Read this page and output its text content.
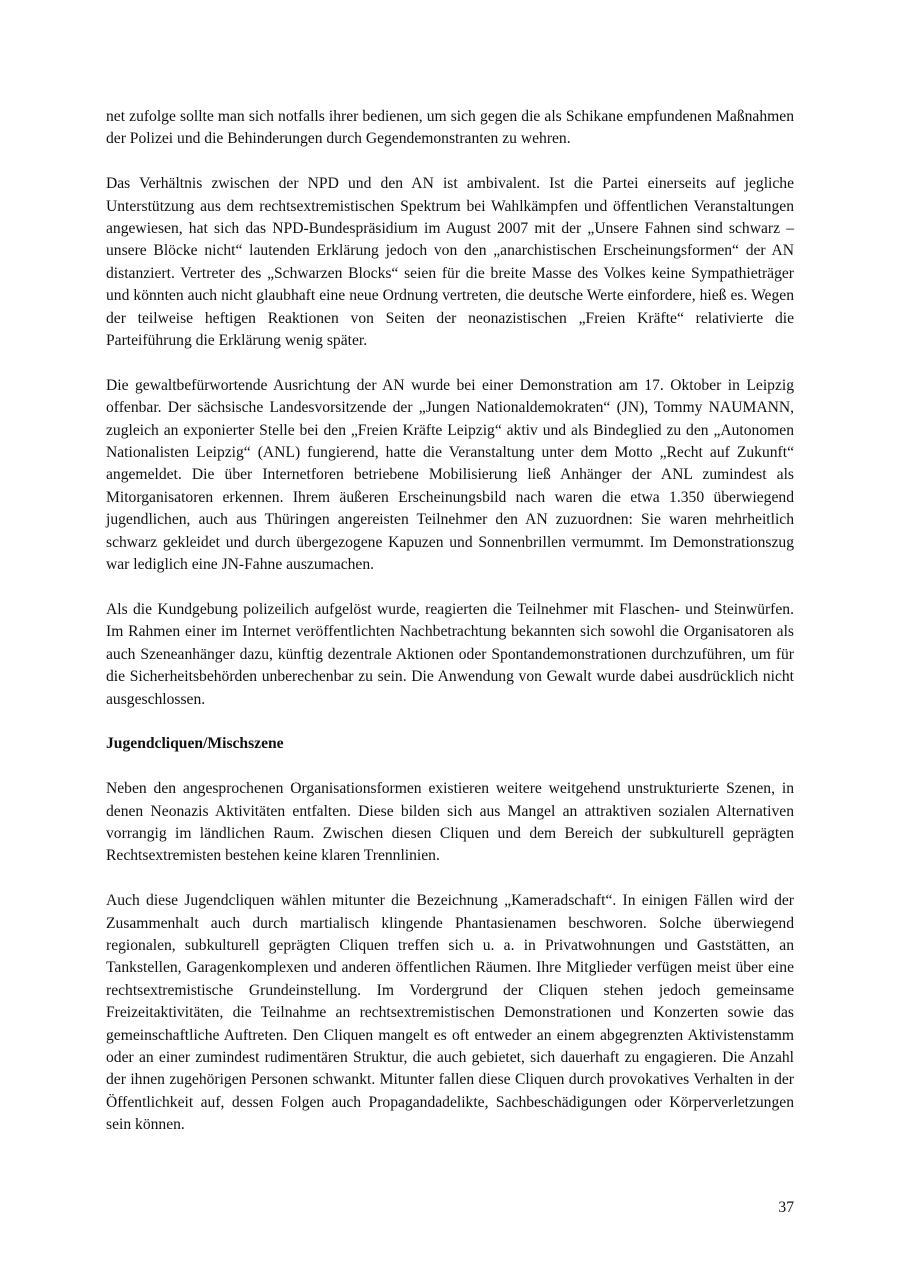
net zufolge sollte man sich notfalls ihrer bedienen, um sich gegen die als Schikane empfundenen Maßnahmen der Polizei und die Behinderungen durch Gegendemonstranten zu wehren.

Das Verhältnis zwischen der NPD und den AN ist ambivalent. Ist die Partei einerseits auf jegliche Unterstützung aus dem rechtsextremistischen Spektrum bei Wahlkämpfen und öffentlichen Veranstaltungen angewiesen, hat sich das NPD-Bundespräsidium im August 2007 mit der „Unsere Fahnen sind schwarz – unsere Blöcke nicht“ lautenden Erklärung jedoch von den „anarchistischen Erscheinungsformen“ der AN distanziert. Vertreter des „Schwarzen Blocks“ seien für die breite Masse des Volkes keine Sympathieträger und könnten auch nicht glaubhaft eine neue Ordnung vertreten, die deutsche Werte einfordere, hieß es. Wegen der teilweise heftigen Reaktionen von Seiten der neonazistischen „Freien Kräfte“ relativierte die Parteiführung die Erklärung wenig später.

Die gewaltbefürwortende Ausrichtung der AN wurde bei einer Demonstration am 17. Oktober in Leipzig offenbar. Der sächsische Landesvorsitzende der „Jungen Nationaldemokraten“ (JN), Tommy NAUMANN, zugleich an exponierter Stelle bei den „Freien Kräfte Leipzig“ aktiv und als Bindeglied zu den „Autonomen Nationalisten Leipzig“ (ANL) fungierend, hatte die Veranstaltung unter dem Motto „Recht auf Zukunft“ angemeldet. Die über Internetforen betriebene Mobilisierung ließ Anhänger der ANL zumindest als Mitorganisatoren erkennen. Ihrem äußeren Erscheinungsbild nach waren die etwa 1.350 überwiegend jugendlichen, auch aus Thüringen angereisten Teilnehmer den AN zuzuordnen: Sie waren mehrheitlich schwarz gekleidet und durch übergezogene Kapuzen und Sonnenbrillen vermummt. Im Demonstrationszug war lediglich eine JN-Fahne auszumachen.

Als die Kundgebung polizeilich aufgelöst wurde, reagierten die Teilnehmer mit Flaschen- und Steinwürfen. Im Rahmen einer im Internet veröffentlichten Nachbetrachtung bekannten sich sowohl die Organisatoren als auch Szeneanhänger dazu, künftig dezentrale Aktionen oder Spontandemonstrationen durchzuführen, um für die Sicherheitsbehörden unberechenbar zu sein. Die Anwendung von Gewalt wurde dabei ausdrücklich nicht ausgeschlossen.

Jugendcliquen/Mischszene

Neben den angesprochenen Organisationsformen existieren weitere weitgehend unstrukturierte Szenen, in denen Neonazis Aktivitäten entfalten. Diese bilden sich aus Mangel an attraktiven sozialen Alternativen vorrangig im ländlichen Raum. Zwischen diesen Cliquen und dem Bereich der subkulturell geprägten Rechtsextremisten bestehen keine klaren Trennlinien.

Auch diese Jugendcliquen wählen mitunter die Bezeichnung „Kameradschaft“. In einigen Fällen wird der Zusammenhalt auch durch martialisch klingende Phantasienamen beschworen. Solche überwiegend regionalen, subkulturell geprägten Cliquen treffen sich u. a. in Privatwohnungen und Gaststätten, an Tankstellen, Garagenkomplexen und anderen öffentlichen Räumen. Ihre Mitglieder verfügen meist über eine rechtsextremistische Grundeinstellung. Im Vordergrund der Cliquen stehen jedoch gemeinsame Freizeitaktivitäten, die Teilnahme an rechtsextremistischen Demonstrationen und Konzerten sowie das gemeinschaftliche Auftreten. Den Cliquen mangelt es oft entweder an einem abgegrenzten Aktivistenstamm oder an einer zumindest rudimentären Struktur, die auch gebietet, sich dauerhaft zu engagieren. Die Anzahl der ihnen zugehörigen Personen schwankt. Mitunter fallen diese Cliquen durch provokatives Verhalten in der Öffentlichkeit auf, dessen Folgen auch Propagandadelikte, Sachbeschädigungen oder Körperverletzungen sein können.

37
